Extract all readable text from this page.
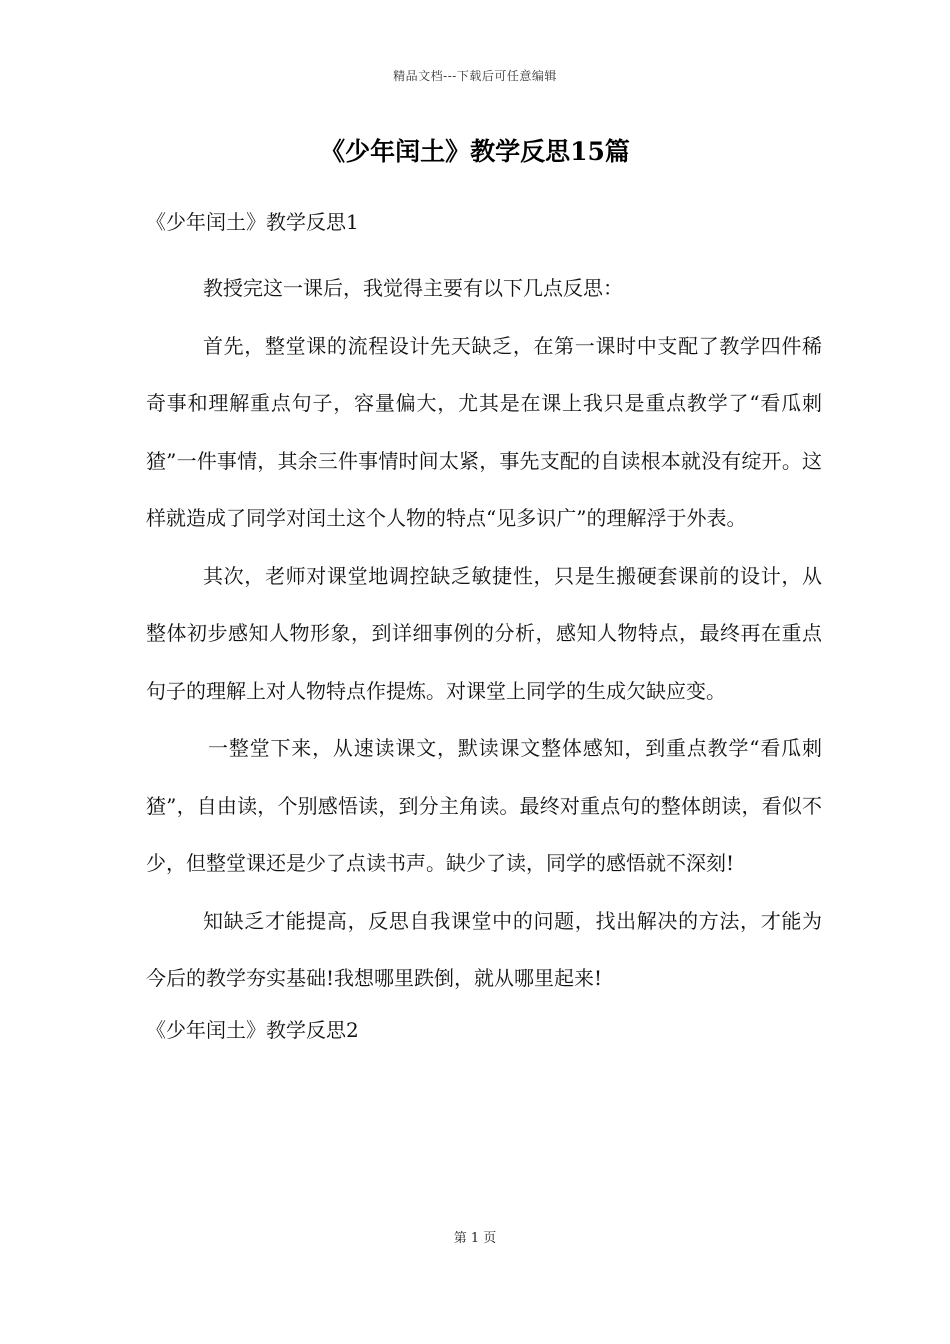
精品文档---下载后可任意编辑
《少年闰土》教学反思15篇

《少年闰土》教学反思1

教授完这一课后，我觉得主要有以下几点反思：

首先，整堂课的流程设计先天缺乏，在第一课时中支配了教学四件稀奇事和理解重点句子，容量偏大，尤其是在课上我只是重点教学了“看瓜刺猹”一件事情，其余三件事情时间太紧，事先支配的自读根本就没有绽开。这样就造成了同学对闰土这个人物的特点“见多识广”的理解浮于外表。

其次，老师对课堂地调控缺乏敏捷性，只是生搬硬套课前的设计，从整体初步感知人物形象，到详细事例的分析，感知人物特点，最终再在重点句子的理解上对人物特点作提炼。对课堂上同学的生成欠缺应变。

一整堂下来，从速读课文，默读课文整体感知，到重点教学“看瓜刺猹”，自由读，个别感悟读，到分主角读。最终对重点句的整体朗读，看似不少，但整堂课还是少了点读书声。缺少了读，同学的感悟就不深刻!

知缺乏才能提高，反思自我课堂中的问题，找出解决的方法，才能为今后的教学夯实基础!我想哪里跌倒，就从哪里起来!

《少年闰土》教学反思2

第 1 页
